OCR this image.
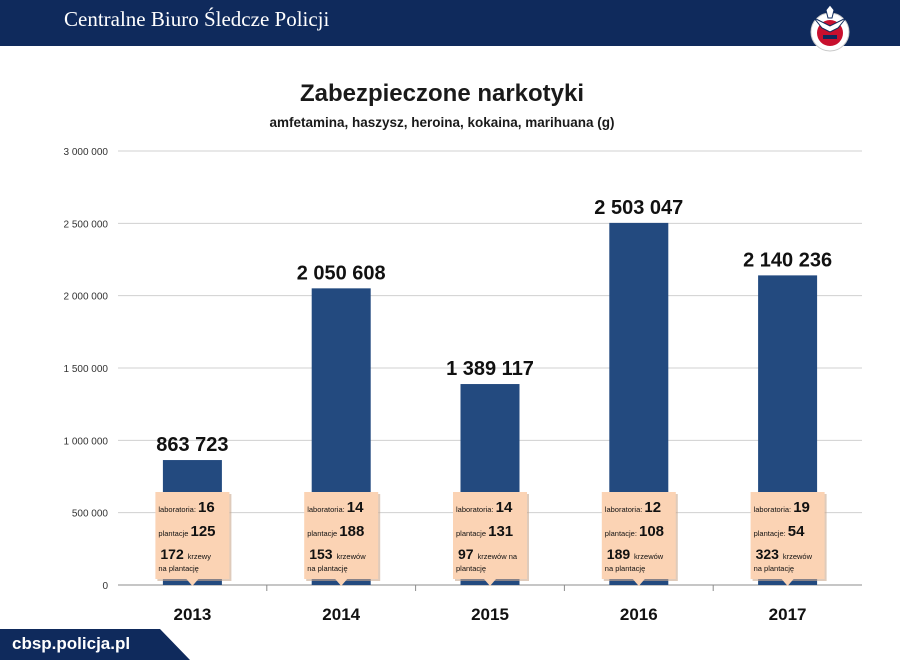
Centralne Biuro Śledcze Policji
Zabezpieczone narkotyki
amfetamina, haszysz, heroina, kokaina, marihuana (g)
0
500 000
1 000 000
1 500 000
2 000 000
2 500 000
3 000 000
863 723
2 050 608
1 389 117
2 503 047
2 140 236
laboratoria: 16
plantacje 125
172 krzewy
na plantację
laboratoria: 14
plantacje 188
153 krzewów
na plantację
laboratoria: 14
plantacje 131
97 krzewów na
plantację
laboratoria: 12
plantacje: 108
189 krzewów
na plantację
laboratoria: 19
plantacje: 54
323 krzewów
na plantację
2013	2014	2015	2016	2017
cbsp.policja.pl
